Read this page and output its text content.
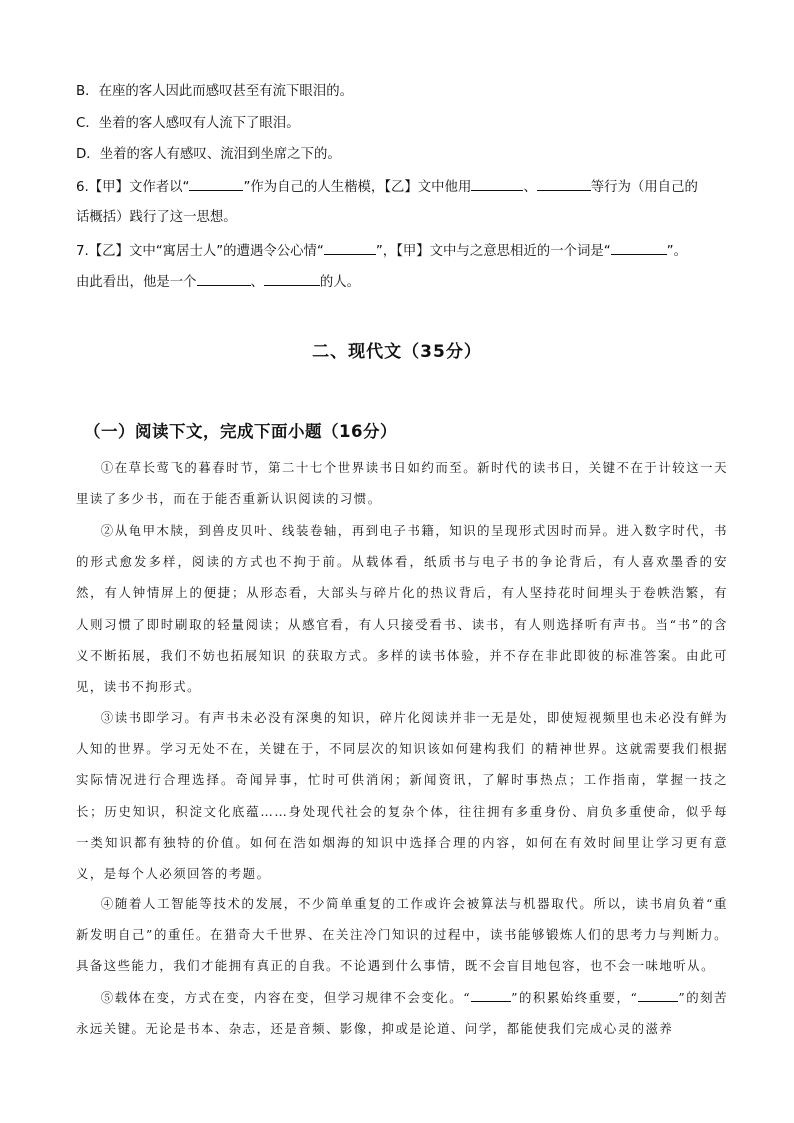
B．在座的客人因此而感叹甚至有流下眼泪的。
C．坐着的客人感叹有人流下了眼泪。
D．坐着的客人有感叹、流泪到坐席之下的。
6.【甲】文作者以“	”作为自己的人生楷模，【乙】文中他用	、	等行为（用自己的
话概括）践行了这一思想。
7.【乙】文中“寓居士人”的遭遇令公心情“	”，【甲】文中与之意思相近的一个词是“	”。
由此看出，他是一个	、	的人。
二、现代文（35分）
（一）阅读下文，完成下面小题（16分）
①在草长莺飞的暮春时节，第二十七个世界读书日如约而至。新时代的读书日，关键不在于计较这一天里读了多少书，而在于能否重新认识阅读的习惯。
②从龟甲木牍，到兽皮贝叶、线装卷轴，再到电子书籍，知识的呈现形式因时而异。进入数字时代，书的形式愈发多样，阅读的方式也不拘于前。从载体看，纸质书与电子书的争论背后，有人喜欢墨香的安然，有人钟情屏上的便捷；从形态看，大部头与碎片化的热议背后，有人坚持花时间埋头于卷帙浩繁，有人则习惯了即时刷取的轻量阅读；从感官看，有人只接受看书、读书，有人则选择听有声书。当“书”的含义不断拓展，我们不妨也拓展知识 的获取方式。多样的读书体验，并不存在非此即彼的标准答案。由此可见，读书不拘形式。
③读书即学习。有声书未必没有深奥的知识，碎片化阅读并非一无是处，即使短视频里也未必没有鲜为人知的世界。学习无处不在，关键在于，不同层次的知识该如何建构我们 的精神世界。这就需要我们根据实际情况进行合理选择。奇闻异事，忙时可供消闲；新闻资讯，了解时事热点；工作指南，掌握一技之长；历史知识，积淀文化底蕴……身处现代社会的复杂个体，往往拥有多重身份、肩负多重使命，似乎每一类知识都有独特的价值。如何在浩如烟海的知识中选择合理的内容，如何在有效时间里让学习更有意义，是每个人必须回答的考题。
④随着人工智能等技术的发展，不少简单重复的工作或许会被算法与机器取代。所以，读书肩负着“重新发明自己”的重任。在猎奇大千世界、在关注冷门知识的过程中，读书能够锻炼人们的思考力与判断力。具备这些能力，我们才能拥有真正的自我。不论遇到什么事情，既不会盲目地包容，也不会一味地听从。
⑤载体在变，方式在变，内容在变，但学习规律不会变化。“	”的积累始终重要，“	”的刻苦永远关键。无论是书本、杂志，还是音频、影像，抑或是论道、问学，都能使我们完成心灵的滋养
